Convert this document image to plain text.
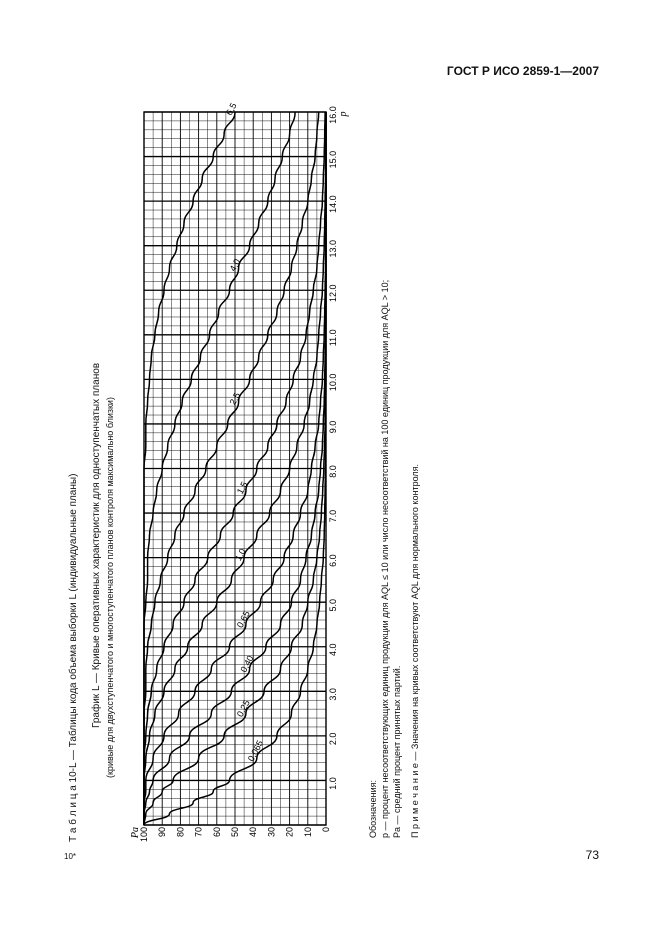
ГОСТ Р ИСО 2859-1—2007
73
10*
Т а б л и ц а 10-L — Таблицы кода объема выборки L (индивидуальные планы) График L — Кривые оперативных характеристик для одноступенчатых планов (кривые для двухступенчатого и многоступенчатого планов контроля максимально близки)
Обозначения: p — процент несоответствующих единиц продукции для AQL ≤ 10 или число несоответствий на 100 единиц продукции для AQL > 10; Pa — средний процент принятых партий. П р и м е ч а н и е — Значения на кривых соответствуют AQL для нормального контроля.
0,065
0,25
0,40
0,65
1,0
1,5
2,5
4,0
6,5
1.0
2.0
3.0
4.0
5.0
6.0
7.0
8.0
9.0
10.0
11.0
12.0
13.0
14.0
15.0
16.0
100 90 80 70 60 50 40 30 20 10 0
Pa
p
